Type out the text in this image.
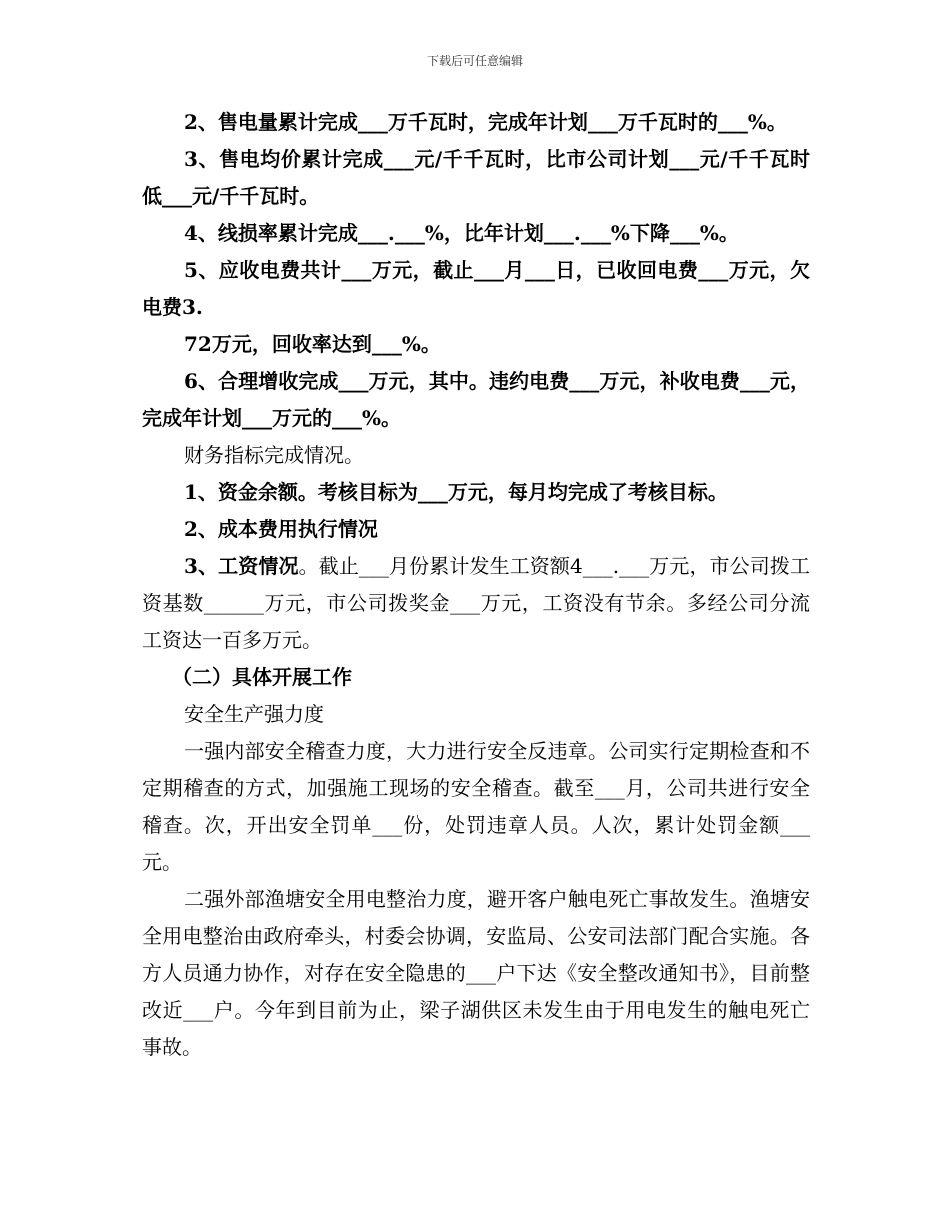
下载后可任意编辑

2、售电量累计完成___万千瓦时，完成年计划___万千瓦时的___%。

3、售电均价累计完成___元/千千瓦时，比市公司计划___元/千千瓦时低___元/千千瓦时。

4、线损率累计完成___.___%，比年计划___.___%下降___%。

5、应收电费共计___万元，截止___月___日，已收回电费___万元，欠电费3.

72万元，回收率达到___%。

6、合理增收完成___万元，其中。违约电费___万元，补收电费___元，完成年计划___万元的___%。

财务指标完成情况。

1、资金余额。考核目标为___万元，每月均完成了考核目标。

2、成本费用执行情况

3、工资情况。截止___月份累计发生工资额4___.___万元，市公司拨工资基数______万元，市公司拨奖金___万元，工资没有节余。多经公司分流工资达一百多万元。

（二）具体开展工作

安全生产强力度

一强内部安全稽查力度，大力进行安全反违章。公司实行定期检查和不定期稽查的方式，加强施工现场的安全稽查。截至___月，公司共进行安全稽查。次，开出安全罚单___份，处罚违章人员。人次，累计处罚金额___元。

二强外部渔塘安全用电整治力度，避开客户触电死亡事故发生。渔塘安全用电整治由政府牵头，村委会协调，安监局、公安司法部门配合实施。各方人员通力协作，对存在安全隐患的___户下达《安全整改通知书》，目前整改近___户。今年到目前为止，梁子湖供区未发生由于用电发生的触电死亡事故。
